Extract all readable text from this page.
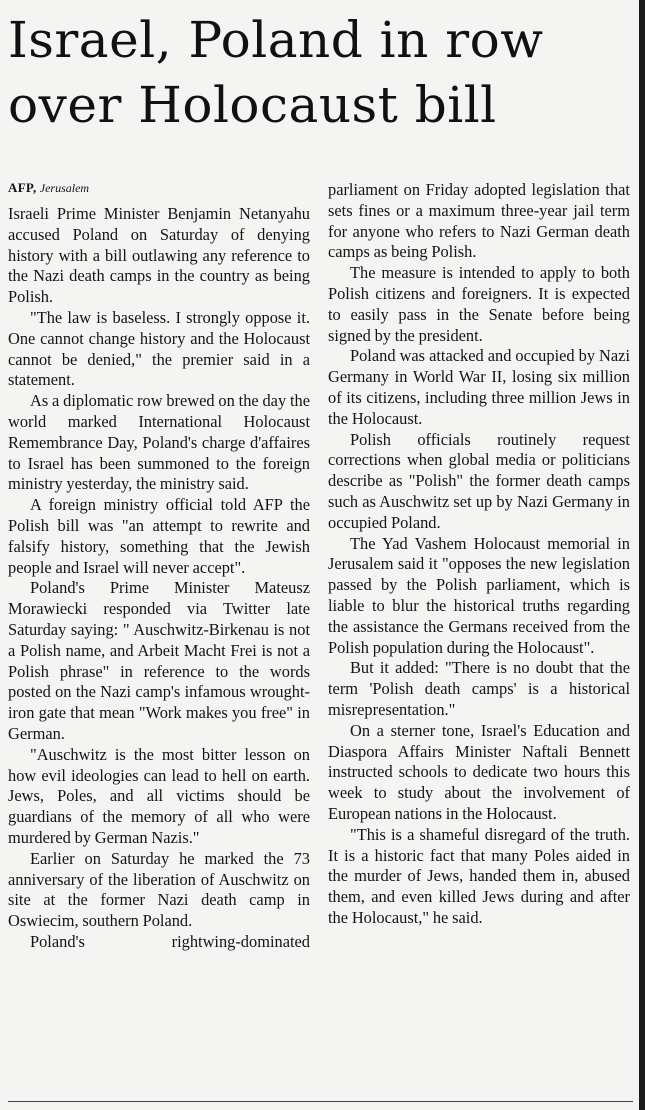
Israel, Poland in row
over Holocaust bill

AFP, Jerusalem

Israeli Prime Minister Benjamin Netanyahu accused Poland on Saturday of denying history with a bill outlawing any reference to the Nazi death camps in the country as being Polish.

"The law is baseless. I strongly oppose it. One cannot change history and the Holocaust cannot be denied," the premier said in a statement.

As a diplomatic row brewed on the day the world marked International Holocaust Remembrance Day, Poland's charge d'affaires to Israel has been summoned to the foreign ministry yesterday, the ministry said.

A foreign ministry official told AFP the Polish bill was "an attempt to rewrite and falsify history, something that the Jewish people and Israel will never accept".

Poland's Prime Minister Mateusz Morawiecki responded via Twitter late Saturday saying: " Auschwitz-Birkenau is not a Polish name, and Arbeit Macht Frei is not a Polish phrase" in reference to the words posted on the Nazi camp's infamous wrought-iron gate that mean "Work makes you free" in German.

"Auschwitz is the most bitter lesson on how evil ideologies can lead to hell on earth. Jews, Poles, and all victims should be guardians of the memory of all who were murdered by German Nazis."

Earlier on Saturday he marked the 73 anniversary of the liberation of Auschwitz on site at the former Nazi death camp in Oswiecim, southern Poland.

Poland's rightwing-dominated

parliament on Friday adopted legislation that sets fines or a maximum three-year jail term for anyone who refers to Nazi German death camps as being Polish.

The measure is intended to apply to both Polish citizens and foreigners. It is expected to easily pass in the Senate before being signed by the president.

Poland was attacked and occupied by Nazi Germany in World War II, losing six million of its citizens, including three million Jews in the Holocaust.

Polish officials routinely request corrections when global media or politicians describe as "Polish" the former death camps such as Auschwitz set up by Nazi Germany in occupied Poland.

The Yad Vashem Holocaust memorial in Jerusalem said it "opposes the new legislation passed by the Polish parliament, which is liable to blur the historical truths regarding the assistance the Germans received from the Polish population during the Holocaust".

But it added: "There is no doubt that the term 'Polish death camps' is a historical misrepresentation."

On a sterner tone, Israel's Education and Diaspora Affairs Minister Naftali Bennett instructed schools to dedicate two hours this week to study about the involvement of European nations in the Holocaust.

"This is a shameful disregard of the truth. It is a historic fact that many Poles aided in the murder of Jews, handed them in, abused them, and even killed Jews during and after the Holocaust," he said.
